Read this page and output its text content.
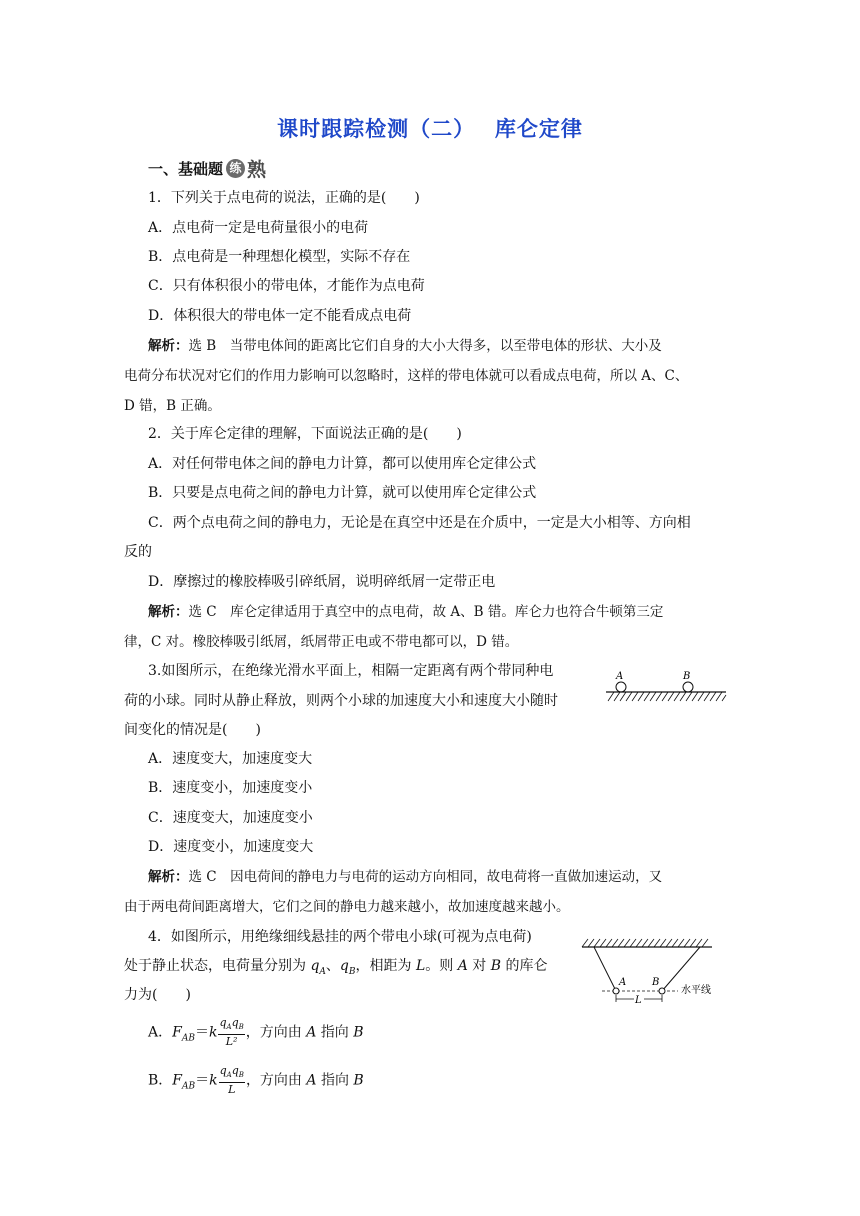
课时跟踪检测（二）　 库仑定律
一、基础题 练 熟
1．下列关于点电荷的说法，正确的是(　　)
A．点电荷一定是电荷量很小的电荷
B．点电荷是一种理想化模型，实际不存在
C．只有体积很小的带电体，才能作为点电荷
D．体积很大的带电体一定不能看成点电荷
解析：选 B　当带电体间的距离比它们自身的大小大得多，以至带电体的形状、大小及
电荷分布状况对它们的作用力影响可以忽略时，这样的带电体就可以看成点电荷，所以 A、C、
D 错，B 正确。
2．关于库仑定律的理解，下面说法正确的是(　　)
A．对任何带电体之间的静电力计算，都可以使用库仑定律公式
B．只要是点电荷之间的静电力计算，就可以使用库仑定律公式
C．两个点电荷之间的静电力，无论是在真空中还是在介质中，一定是大小相等、方向相
反的
D．摩擦过的橡胶棒吸引碎纸屑，说明碎纸屑一定带正电
解析：选 C　库仑定律适用于真空中的点电荷，故 A、B 错。库仑力也符合牛顿第三定
律，C 对。橡胶棒吸引纸屑，纸屑带正电或不带电都可以，D 错。
3.如图所示，在绝缘光滑水平面上，相隔一定距离有两个带同种电
荷的小球。同时从静止释放，则两个小球的加速度大小和速度大小随时
间变化的情况是(　　)
A．速度变大，加速度变大
B．速度变小，加速度变小
C．速度变大，加速度变小
D．速度变小，加速度变大
解析：选 C　因电荷间的静电力与电荷的运动方向相同，故电荷将一直做加速运动，又
由于两电荷间距离增大，它们之间的静电力越来越小，故加速度越来越小。
A	B
4．如图所示，用绝缘细线悬挂的两个带电小球(可视为点电荷)
处于静止状态，电荷量分别为 $q_A$、$q_B$，相距为 L。则 A 对 B 的库仑
力为(　　)
A．$F_{AB}=k \frac{q_Aq_B}{\text{L²}}$ ，方向由 A 指向 B
B．$F_{AB}=k \frac{q_Aq_B}{L}$ ，方向由 A 指向 B
A	B
L
水平线
